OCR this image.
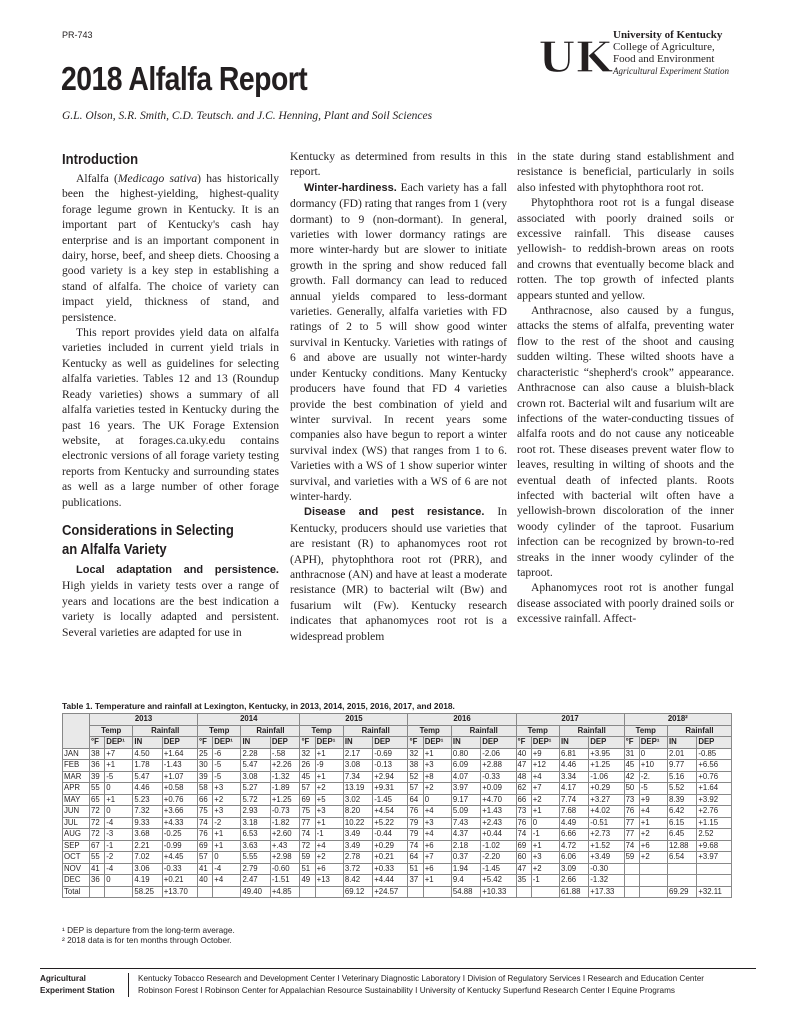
PR-743
2018 Alfalfa Report
G.L. Olson, S.R. Smith, C.D. Teutsch. and J.C. Henning, Plant and Soil Sciences
UK University of Kentucky
College of Agriculture,
Food and Environment
Agricultural Experiment Station
Introduction

Alfalfa (Medicago sativa) has historically been the highest-yielding, highest-quality forage legume grown in Kentucky. It is an important part of Kentucky's cash hay enterprise and is an important component in dairy, horse, beef, and sheep diets. Choosing a good variety is a key step in establishing a stand of alfalfa. The choice of variety can impact yield, thickness of stand, and persistence.

This report provides yield data on alfalfa varieties included in current yield trials in Kentucky as well as guidelines for selecting alfalfa varieties. Tables 12 and 13 (Roundup Ready varieties) shows a summary of all alfalfa varieties tested in Kentucky during the past 16 years. The UK Forage Extension website, at forages.ca.uky.edu contains electronic versions of all forage variety testing reports from Kentucky and surrounding states as well as a large number of other forage publications.

Considerations in Selecting
an Alfalfa Variety

Local adaptation and persistence. High yields in variety tests over a range of years and locations are the best indication a variety is locally adapted and persistent. Several varieties are adapted for use in

Kentucky as determined from results in this report.

Winter-hardiness. Each variety has a fall dormancy (FD) rating that ranges from 1 (very dormant) to 9 (non-dormant). In general, varieties with lower dormancy ratings are more winter-hardy but are slower to initiate growth in the spring and show reduced fall growth. Fall dormancy can lead to reduced annual yields compared to less-dormant varieties. Generally, alfalfa varieties with FD ratings of 2 to 5 will show good winter survival in Kentucky. Varieties with ratings of 6 and above are usually not winter-hardy under Kentucky conditions. Many Kentucky producers have found that FD 4 varieties provide the best combination of yield and winter survival. In recent years some companies also have begun to report a winter survival index (WS) that ranges from 1 to 6. Varieties with a WS of 1 show superior winter survival, and varieties with a WS of 6 are not winter-hardy.

Disease and pest resistance. In Kentucky, producers should use varieties that are resistant (R) to aphanomyces root rot (APH), phytophthora root rot (PRR), and anthracnose (AN) and have at least a moderate resistance (MR) to bacterial wilt (Bw) and fusarium wilt (Fw). Kentucky research indicates that aphanomyces root rot is a widespread problem

in the state during stand establishment and resistance is beneficial, particularly in soils also infested with phytophthora root rot.

Phytophthora root rot is a fungal disease associated with poorly drained soils or excessive rainfall. This disease causes yellowish- to reddish-brown areas on roots and crowns that eventually become black and rotten. The top growth of infected plants appears stunted and yellow.

Anthracnose, also caused by a fungus, attacks the stems of alfalfa, preventing water flow to the rest of the shoot and causing sudden wilting. These wilted shoots have a characteristic “shepherd's crook” appearance. Anthracnose can also cause a bluish-black crown rot. Bacterial wilt and fusarium wilt are infections of the water-conducting tissues of alfalfa roots and do not cause any noticeable root rot. These diseases prevent water flow to leaves, resulting in wilting of shoots and the eventual death of infected plants. Roots infected with bacterial wilt often have a yellowish-brown discoloration of the inner woody cylinder of the taproot. Fusarium infection can be recognized by brown-to-red streaks in the inner woody cylinder of the taproot.

Aphanomyces root rot is another fungal disease associated with poorly drained soils or excessive rainfall. Affect-

Table 1. Temperature and rainfall at Lexington, Kentucky, in 2013, 2014, 2015, 2016, 2017, and 2018.
	2013				2014				2015				2016				2017				2018²			
	Temp		Rainfall		Temp		Rainfall		Temp		Rainfall		Temp		Rainfall		Temp		Rainfall		Temp		Rainfall	
	°F	DEP¹	IN	DEP	°F	DEP¹	IN	DEP	°F	DEP¹	IN	DEP	°F	DEP¹	IN	DEP	°F	DEP¹	IN	DEP	°F	DEP¹	IN	DEP
JAN	38	+7	4.50	+1.64	25	-6	2.28	-.58	32	+1	2.17	-0.69	32	+1	0.80	-2.06	40	+9	6.81	+3.95	31	0	2.01	-0.85
FEB	36	+1	1.78	-1.43	30	-5	5.47	+2.26	26	-9	3.08	-0.13	38	+3	6.09	+2.88	47	+12	4.46	+1.25	45	+10	9.77	+6.56
MAR	39	-5	5.47	+1.07	39	-5	3.08	-1.32	45	+1	7.34	+2.94	52	+8	4.07	-0.33	48	+4	3.34	-1.06	42	-2.	5.16	+0.76
APR	55	0	4.46	+0.58	58	+3	5.27	-1.89	57	+2	13.19	+9.31	57	+2	3.97	+0.09	62	+7	4.17	+0.29	50	-5	5.52	+1.64
MAY	65	+1	5.23	+0.76	66	+2	5.72	+1.25	69	+5	3.02	-1.45	64	0	9.17	+4.70	66	+2	7.74	+3.27	73	+9	8.39	+3.92
JUN	72	0	7.32	+3.66	75	+3	2.93	-0.73	75	+3	8.20	+4.54	76	+4	5.09	+1.43	73	+1	7.68	+4.02	76	+4	6.42	+2.76
JUL	72	-4	9.33	+4.33	74	-2	3.18	-1.82	77	+1	10.22	+5.22	79	+3	7.43	+2.43	76	0	4.49	-0.51	77	+1	6.15	+1.15
AUG	72	-3	3.68	-0.25	76	+1	6.53	+2.60	74	-1	3.49	-0.44	79	+4	4.37	+0.44	74	-1	6.66	+2.73	77	+2	6.45	2.52
SEP	67	-1	2.21	-0.99	69	+1	3.63	+.43	72	+4	3.49	+0.29	74	+6	2.18	-1.02	69	+1	4.72	+1.52	74	+6	12.88	+9.68
OCT	55	-2	7.02	+4.45	57	0	5.55	+2.98	59	+2	2.78	+0.21	64	+7	0.37	-2.20	60	+3	6.06	+3.49	59	+2	6.54	+3.97
NOV	41	-4	3.06	-0.33	41	-4	2.79	-0.60	51	+6	3.72	+0.33	51	+6	1.94	-1.45	47	+2	3.09	-0.30				
DEC	36	0	4.19	+0.21	40	+4	2.47	-1.51	49	+13	8.42	+4.44	37	+1	9.4	+5.42	35	-1	2.66	-1.32				
Total			58.25	+13.70			49.40	+4.85			69.12	+24.57			54.88	+10.33			61.88	+17.33			69.29	+32.11
¹ DEP is departure from the long-term average.
² 2018 data is for ten months through October.
Agricultural
Experiment Station
Kentucky Tobacco Research and Development Center I Veterinary Diagnostic Laboratory I Division of Regulatory Services I Research and Education Center
Robinson Forest I Robinson Center for Appalachian Resource Sustainability I University of Kentucky Superfund Research Center I Equine Programs
